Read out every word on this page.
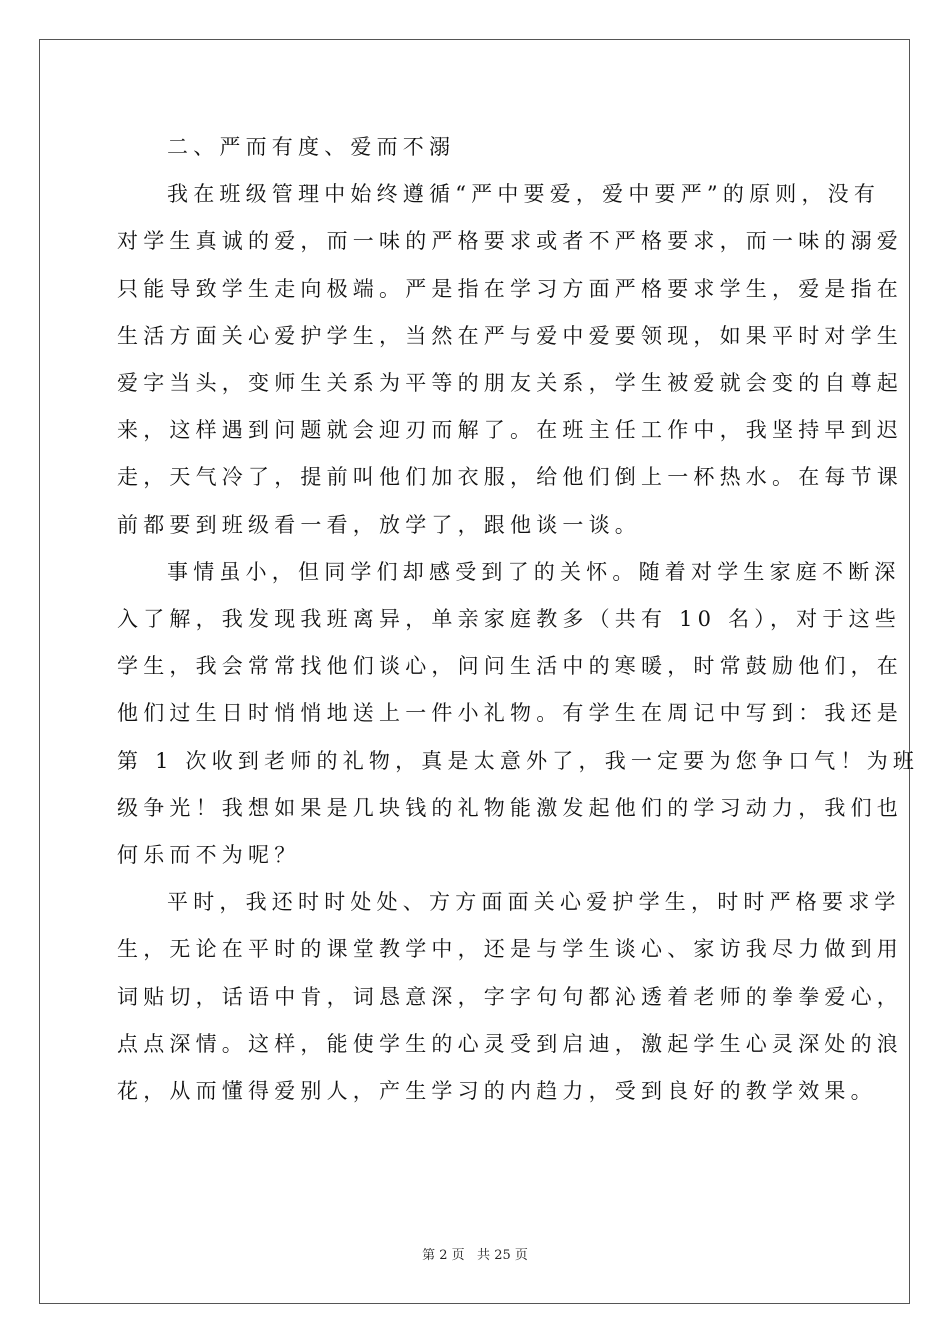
二、严而有度、爱而不溺

我在班级管理中始终遵循“严中要爱，爱中要严”的原则，没有

对学生真诚的爱，而一味的严格要求或者不严格要求，而一味的溺爱

只能导致学生走向极端。严是指在学习方面严格要求学生，爱是指在

生活方面关心爱护学生，当然在严与爱中爱要领现，如果平时对学生

爱字当头，变师生关系为平等的朋友关系，学生被爱就会变的自尊起

来，这样遇到问题就会迎刃而解了。在班主任工作中，我坚持早到迟

走，天气冷了，提前叫他们加衣服，给他们倒上一杯热水。在每节课

前都要到班级看一看，放学了，跟他谈一谈。

事情虽小，但同学们却感受到了的关怀。随着对学生家庭不断深

入了解，我发现我班离异，单亲家庭教多（共有 10 名），对于这些

学生，我会常常找他们谈心，问问生活中的寒暖，时常鼓励他们，在

他们过生日时悄悄地送上一件小礼物。有学生在周记中写到：我还是

第 1 次收到老师的礼物，真是太意外了，我一定要为您争口气！为班

级争光！我想如果是几块钱的礼物能激发起他们的学习动力，我们也

何乐而不为呢？

平时，我还时时处处、方方面面关心爱护学生，时时严格要求学

生，无论在平时的课堂教学中，还是与学生谈心、家访我尽力做到用

词贴切，话语中肯，词恳意深，字字句句都沁透着老师的拳拳爱心，

点点深情。这样，能使学生的心灵受到启迪，激起学生心灵深处的浪

花，从而懂得爱别人，产生学习的内趋力，受到良好的教学效果。

第 2 页   共 25 页
